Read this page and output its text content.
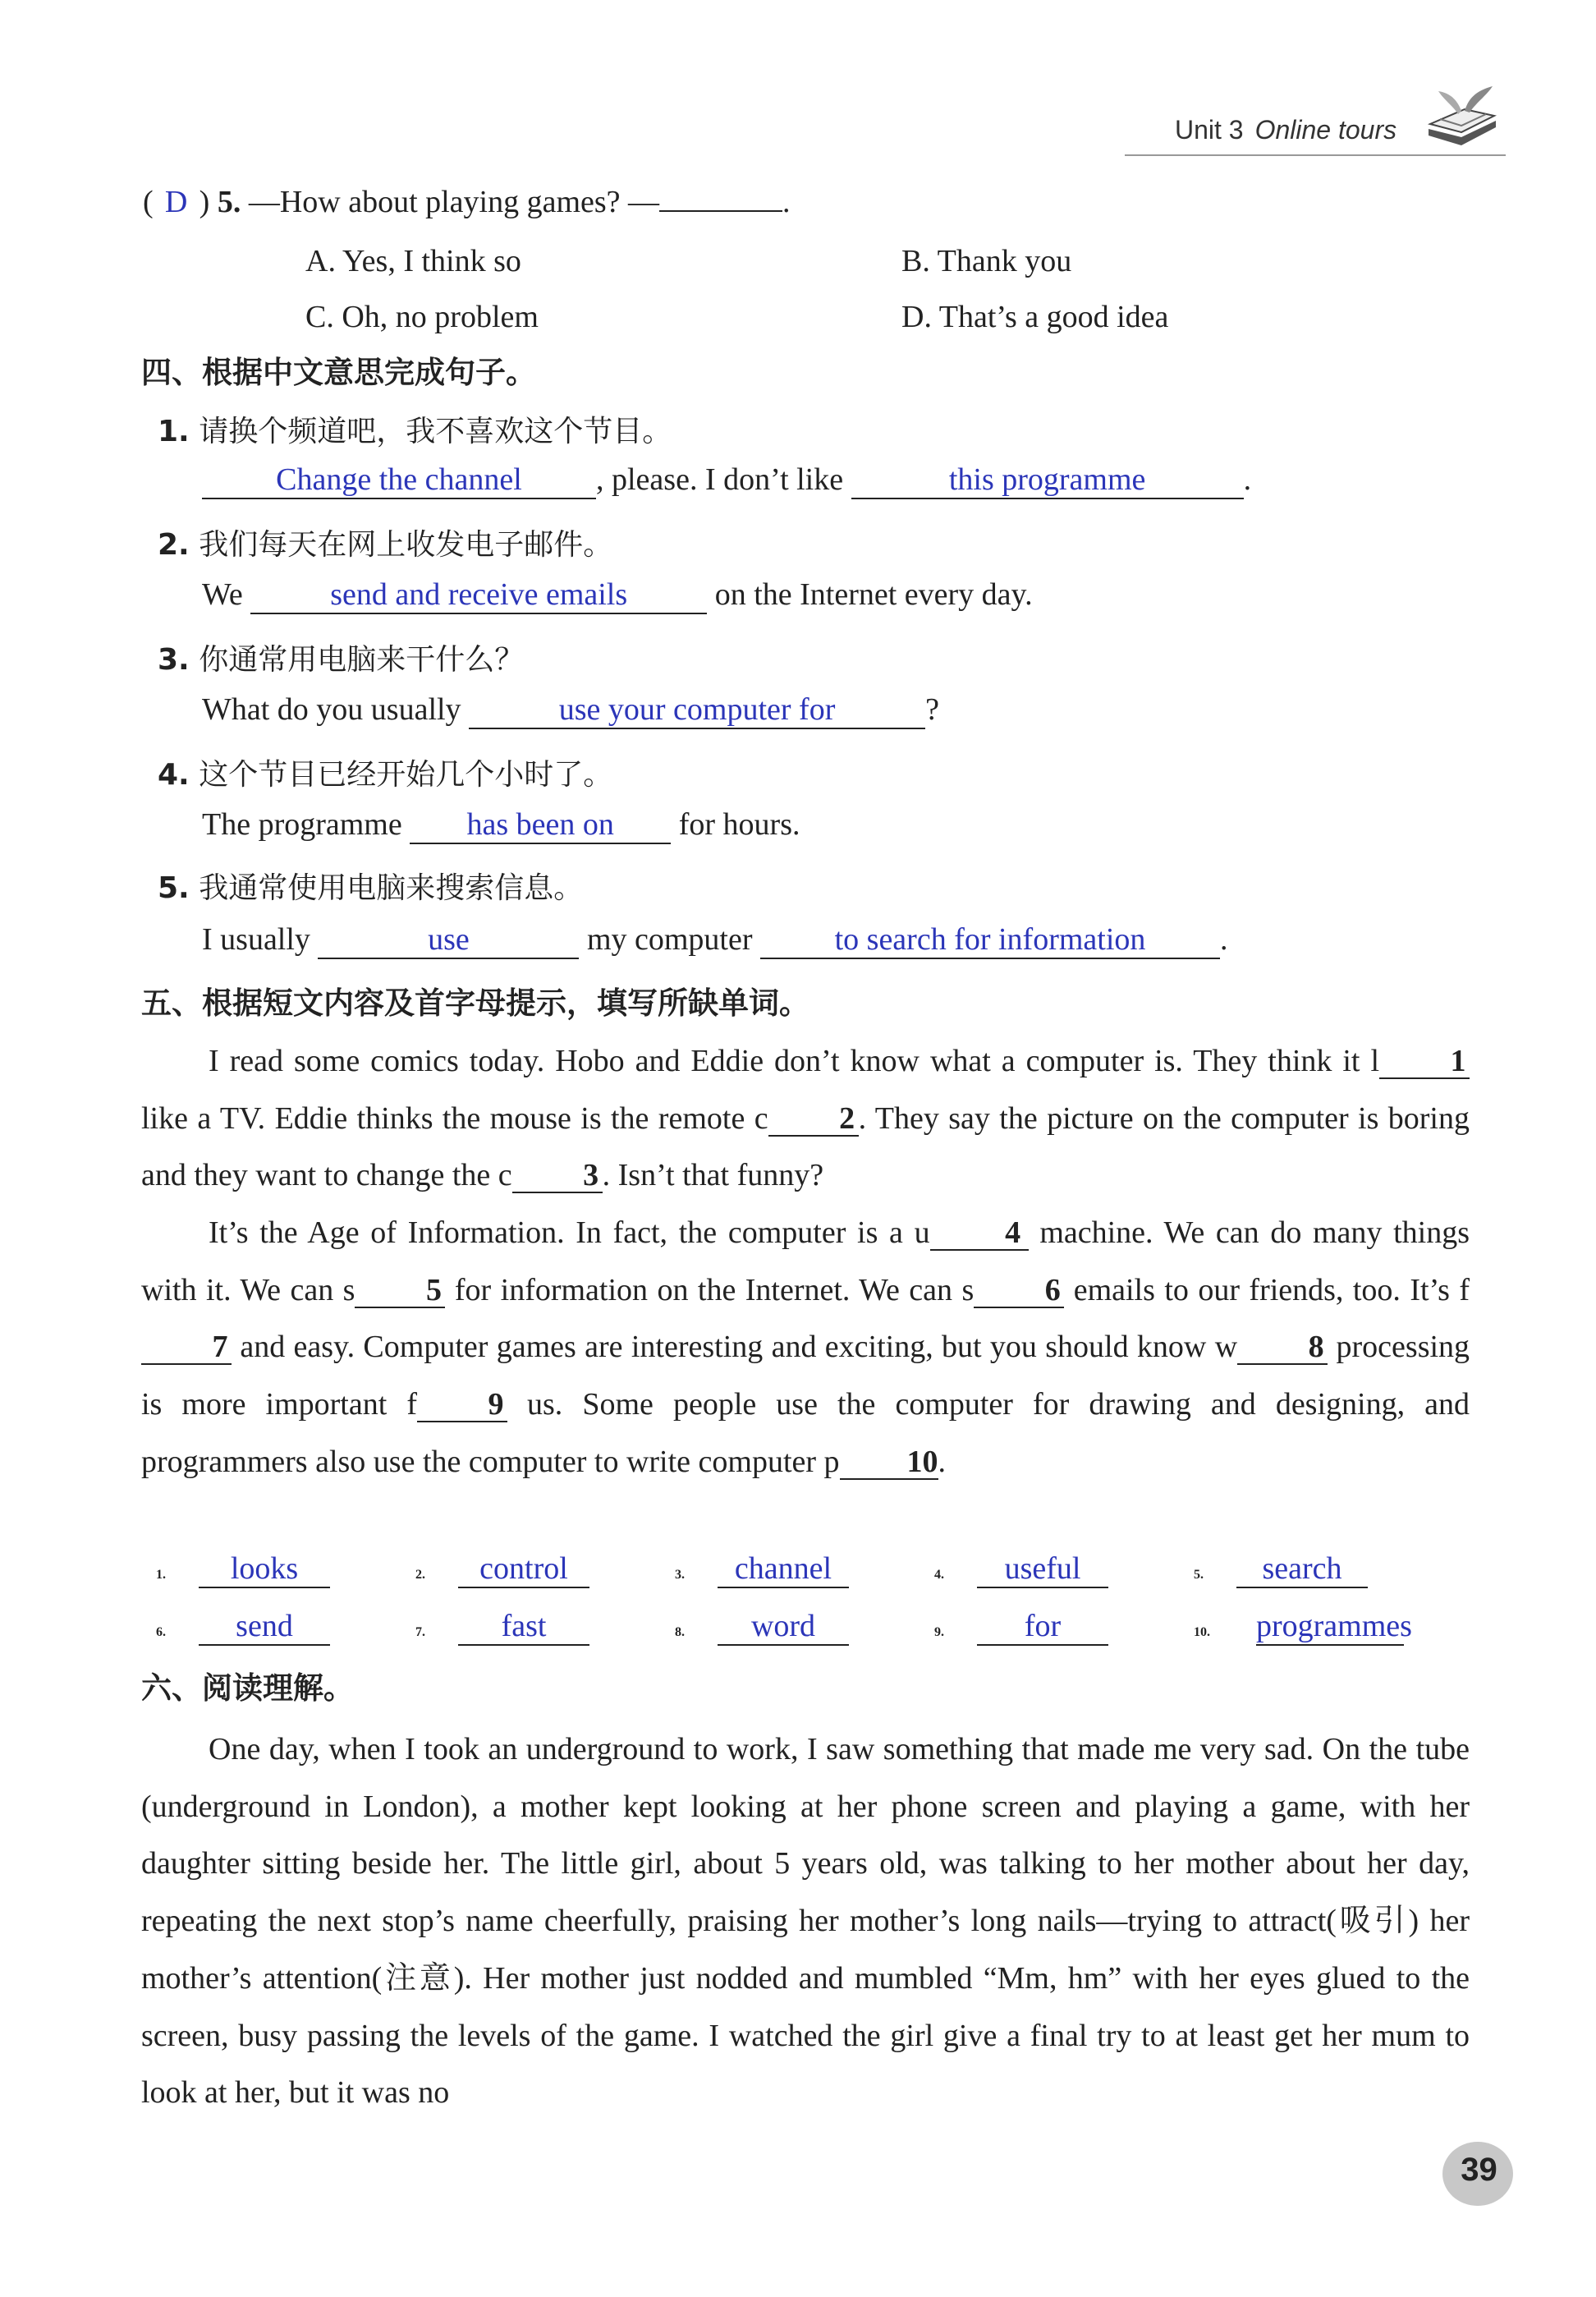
Unit 3 Online tours
( D ) 5. —How about playing games? —	.
A. Yes, I think so	B. Thank you
C. Oh, no problem	D. That’s a good idea
四、根据中文意思完成句子。
1. 请换个频道吧，我不喜欢这个节目。
Change the channel , please. I don’t like	this programme	.
2. 我们每天在网上收发电子邮件。
We	send and receive emails	on the Internet every day.
3. 你通常用电脑来干什么？
What do you usually	use your computer for	?
4. 这个节目已经开始几个小时了。
The programme has been on for hours.
5. 我通常使用电脑来搜索信息。
I usually	use	my computer	to search for information .
五、根据短文内容及首字母提示，填写所缺单词。
I read some comics today. Hobo and Eddie don’t know what a computer is. They think it l 1 like a TV. Eddie thinks the mouse is the remote c 2 . They say the picture on the computer is boring and they want to change the c 3 . Isn’t that funny?
It’s the Age of Information. In fact, the computer is a u 4 machine. We can do many things with it. We can s 5 for information on the Internet. We can s 6 emails to our friends, too. It’s f7 and easy. Computer games are interesting and exciting, but you should know w 8 processing is more important f 9 us. Some people use the computer for drawing and designing, and programmers also use the computer to write computer p 10.
1. looks	2. control	3. channel	4. useful	5. search
6. send	7. fast	8. word	9.	for	10. programmes
六、阅读理解。
One day, when I took an underground to work, I saw something that made me very sad. On the tube (underground in London), a mother kept looking at her phone screen and playing a game, with her daughter sitting beside her. The little girl, about 5 years old, was talking to her mother about her day, repeating the next stop’s name cheerfully, praising her mother’s long nails—trying to attract(吸引) her mother’s attention(注意). Her mother just nodded and mumbled “Mm, hm” with her eyes glued to the screen, busy passing the levels of the game. I watched the girl give a final try to at least get her mum to look at her, but it was no
39
